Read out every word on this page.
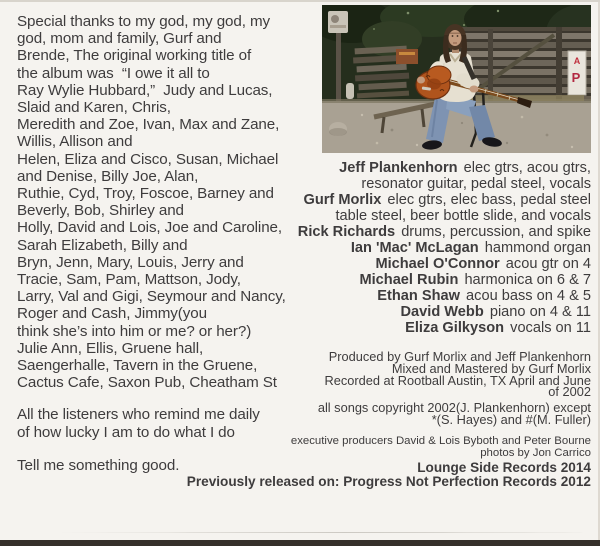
Special thanks to my god, my god, my
god, mom and family, Gurf and
Brende, The original working title of
the album was  “I owe it all to
Ray Wylie Hubbard,”  Judy and Lucas,
Slaid and Karen, Chris,
Meredith and Zoe, Ivan, Max and Zane,
Willis, Allison and
Helen, Eliza and Cisco, Susan, Michael
and Denise, Billy Joe, Alan,
Ruthie, Cyd, Troy, Foscoe, Barney and
Beverly, Bob, Shirley and
Holly, David and Lois, Joe and Caroline,
Sarah Elizabeth, Billy and
Bryn, Jenn, Mary, Louis, Jerry and
Tracie, Sam, Pam, Mattson, Jody,
Larry, Val and Gigi, Seymour and Nancy,
Roger and Cash, Jimmy(you
think she’s into him or me? or her?)
Julie Ann, Ellis, Gruene hall,
Saengerhalle, Tavern in the Gruene,
Cactus Cafe, Saxon Pub, Cheatham St
All the listeners who remind me daily
of how lucky I am to do what I do
Tell me something good.
A
P
Jeff Plankenhorn elec gtrs, acou gtrs,
resonator guitar, pedal steel, vocals
Gurf Morlix elec gtrs, elec bass, pedal steel
table steel, beer bottle slide, and vocals
Rick Richards drums, percussion, and spike
Ian 'Mac' McLagan hammond organ
Michael O'Connor acou gtr on 4
Michael Rubin harmonica on 6 & 7
Ethan Shaw acou bass on 4 & 5
David Webb piano on 4 & 11
Eliza Gilkyson vocals on 11
Produced by Gurf Morlix and Jeff Plankenhorn
Mixed and Mastered by Gurf Morlix
Recorded at Rootball Austin, TX April and June
of 2002
all songs copyright 2002(J. Plankenhorn) except
*(S. Hayes) and #(M. Fuller)
executive producers David & Lois Byboth and Peter Bourne
photos by Jon Carrico
Lounge Side Records 2014
Previously released on: Progress Not Perfection Records 2012
